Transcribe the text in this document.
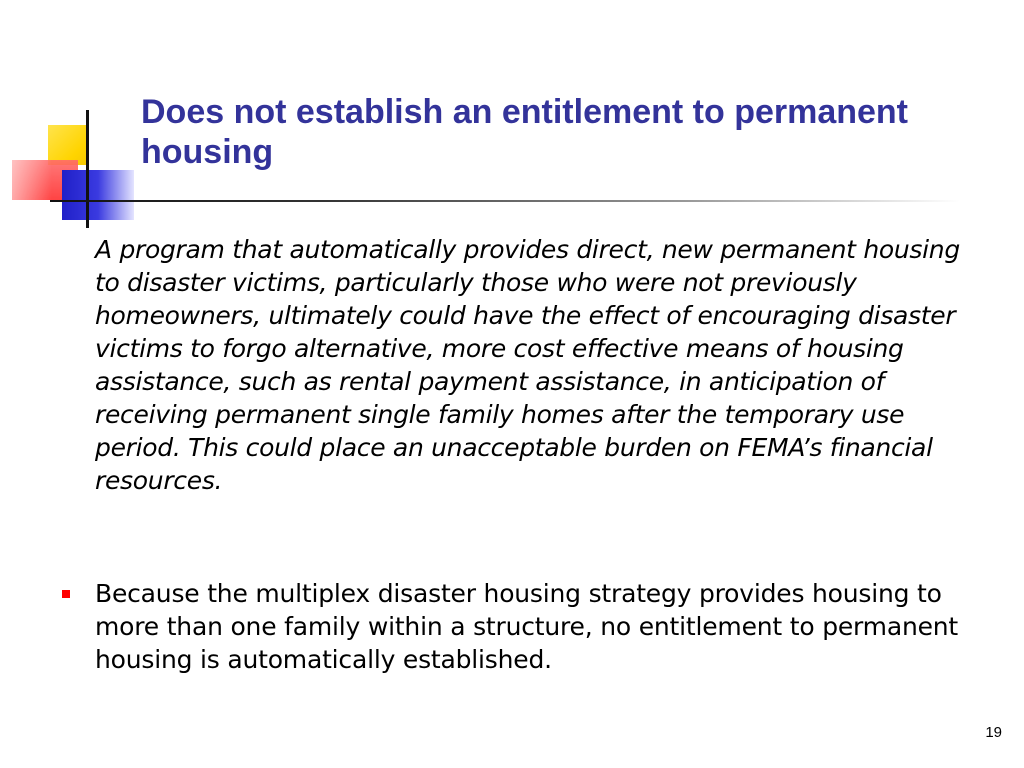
Does not establish an entitlement to permanent housing

A program that automatically provides direct, new permanent housing to disaster victims, particularly those who were not previously homeowners, ultimately could have the effect of encouraging disaster victims to forgo alternative, more cost effective means of housing assistance, such as rental payment assistance, in anticipation of receiving permanent single family homes after the temporary use period. This could place an unacceptable burden on FEMA’s financial resources.

Because the multiplex disaster housing strategy provides housing to more than one family within a structure, no entitlement to permanent housing is automatically established.

19
